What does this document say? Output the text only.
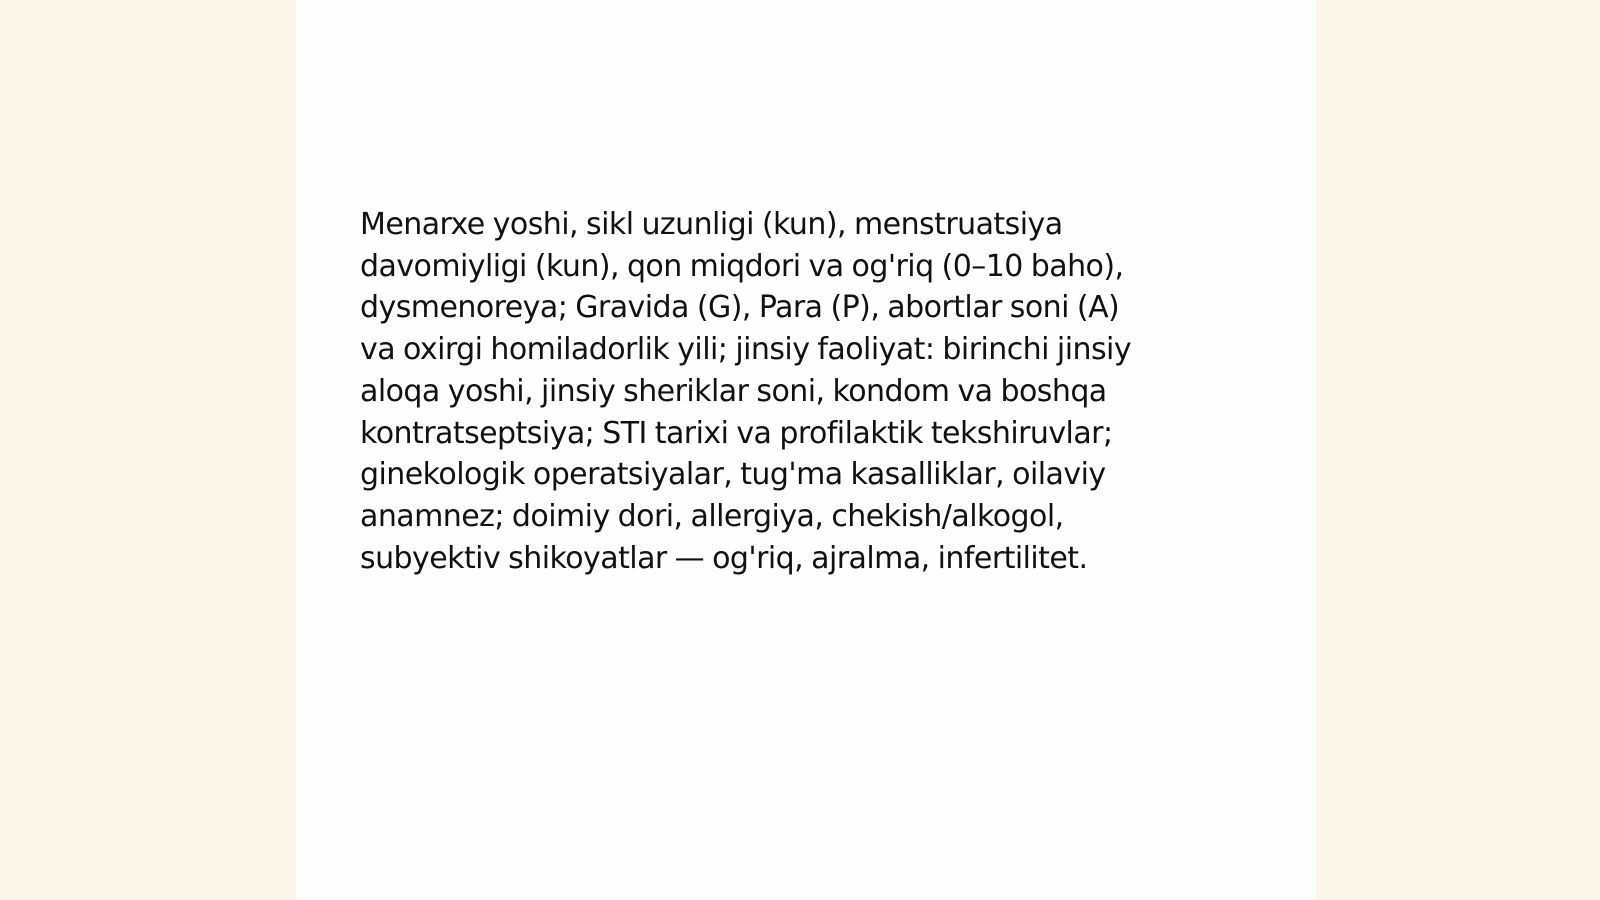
Menarxe yoshi, sikl uzunligi (kun), menstruatsiya
davomiyligi (kun), qon miqdori va og'riq (0–10 baho),
dysmenoreya; Gravida (G), Para (P), abortlar soni (A)
va oxirgi homiladorlik yili; jinsiy faoliyat: birinchi jinsiy
aloqa yoshi, jinsiy sheriklar soni, kondom va boshqa
kontratseptsiya; STI tarixi va profilaktik tekshiruvlar;
ginekologik operatsiyalar, tug'ma kasalliklar, oilaviy
anamnez; doimiy dori, allergiya, chekish/alkogol,
subyektiv shikoyatlar — og'riq, ajralma, infertilitet.
